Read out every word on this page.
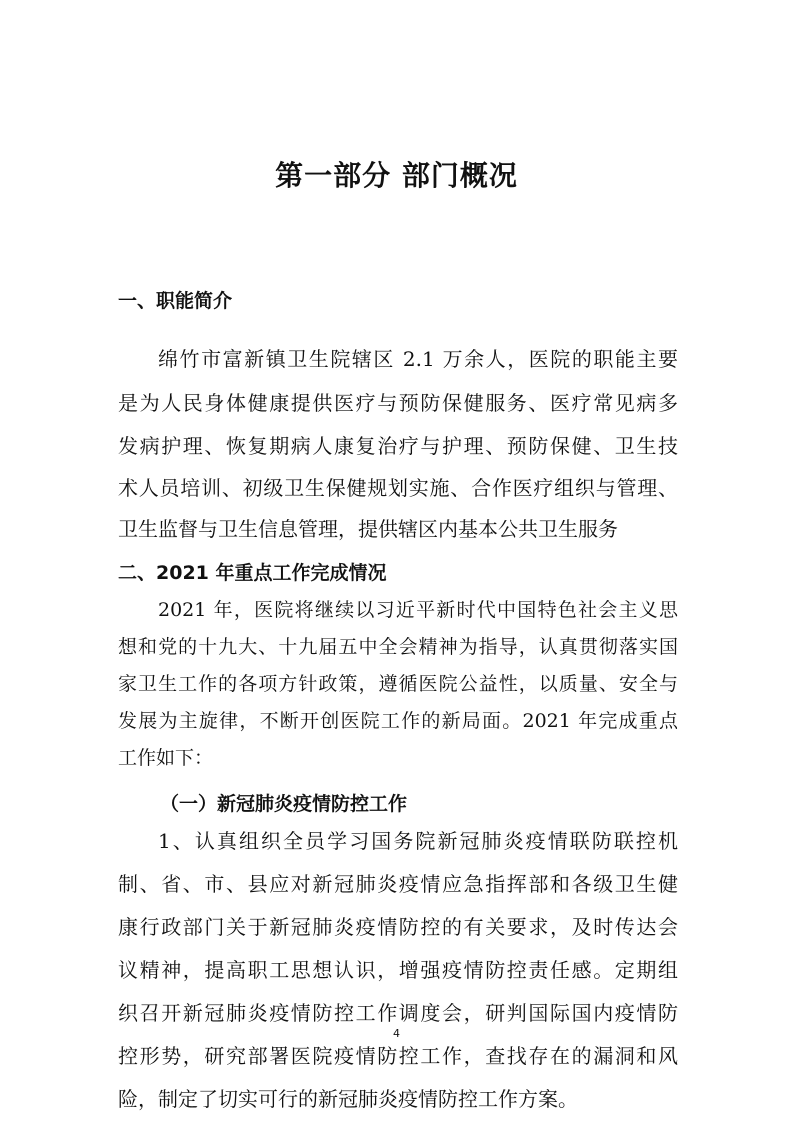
第一部分 部门概况
一、职能简介
绵竹市富新镇卫生院辖区 2.1 万余人，医院的职能主要
是为人民身体健康提供医疗与预防保健服务、医疗常见病多
发病护理、恢复期病人康复治疗与护理、预防保健、卫生技
术人员培训、初级卫生保健规划实施、合作医疗组织与管理、
卫生监督与卫生信息管理，提供辖区内基本公共卫生服务
二、2021 年重点工作完成情况
2021 年，医院将继续以习近平新时代中国特色社会主义思
想和党的十九大、十九届五中全会精神为指导，认真贯彻落实国
家卫生工作的各项方针政策，遵循医院公益性，以质量、安全与
发展为主旋律，不断开创医院工作的新局面。2021 年完成重点
工作如下：
（一）新冠肺炎疫情防控工作
1、认真组织全员学习国务院新冠肺炎疫情联防联控机
制、省、市、县应对新冠肺炎疫情应急指挥部和各级卫生健
康行政部门关于新冠肺炎疫情防控的有关要求，及时传达会
议精神，提高职工思想认识，增强疫情防控责任感。定期组
织召开新冠肺炎疫情防控工作调度会，研判国际国内疫情防
控形势，研究部署医院疫情防控工作，查找存在的漏洞和风
险，制定了切实可行的新冠肺炎疫情防控工作方案。
4
